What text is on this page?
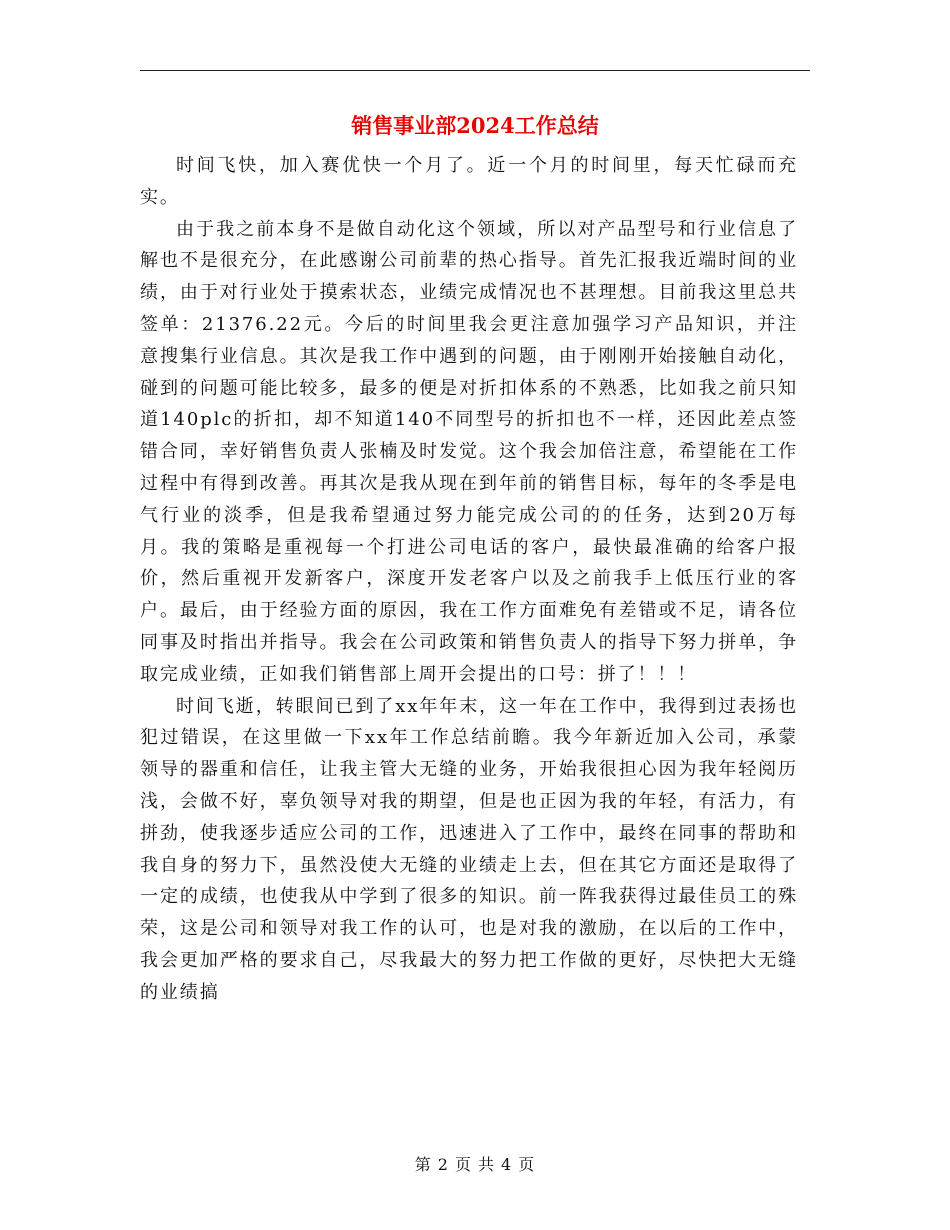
销售事业部2024工作总结

时间飞快，加入赛优快一个月了。近一个月的时间里，每天忙碌而充实。

由于我之前本身不是做自动化这个领域，所以对产品型号和行业信息了解也不是很充分，在此感谢公司前辈的热心指导。首先汇报我近端时间的业绩，由于对行业处于摸索状态，业绩完成情况也不甚理想。目前我这里总共签单：21376.22元。今后的时间里我会更注意加强学习产品知识，并注意搜集行业信息。其次是我工作中遇到的问题，由于刚刚开始接触自动化，碰到的问题可能比较多，最多的便是对折扣体系的不熟悉，比如我之前只知道140plc的折扣，却不知道140不同型号的折扣也不一样，还因此差点签错合同，幸好销售负责人张楠及时发觉。这个我会加倍注意，希望能在工作过程中有得到改善。再其次是我从现在到年前的销售目标，每年的冬季是电气行业的淡季，但是我希望通过努力能完成公司的的任务，达到20万每月。我的策略是重视每一个打进公司电话的客户，最快最准确的给客户报价，然后重视开发新客户，深度开发老客户以及之前我手上低压行业的客户。最后，由于经验方面的原因，我在工作方面难免有差错或不足，请各位同事及时指出并指导。我会在公司政策和销售负责人的指导下努力拼单，争取完成业绩，正如我们销售部上周开会提出的口号：拼了！！！

时间飞逝，转眼间已到了xx年年末，这一年在工作中，我得到过表扬也犯过错误，在这里做一下xx年工作总结前瞻。我今年新近加入公司，承蒙领导的器重和信任，让我主管大无缝的业务，开始我很担心因为我年轻阅历浅，会做不好，辜负领导对我的期望，但是也正因为我的年轻，有活力，有拼劲，使我逐步适应公司的工作，迅速进入了工作中，最终在同事的帮助和我自身的努力下，虽然没使大无缝的业绩走上去，但在其它方面还是取得了一定的成绩，也使我从中学到了很多的知识。前一阵我获得过最佳员工的殊荣，这是公司和领导对我工作的认可，也是对我的激励，在以后的工作中，我会更加严格的要求自己，尽我最大的努力把工作做的更好，尽快把大无缝的业绩搞

第 2 页 共 4 页
